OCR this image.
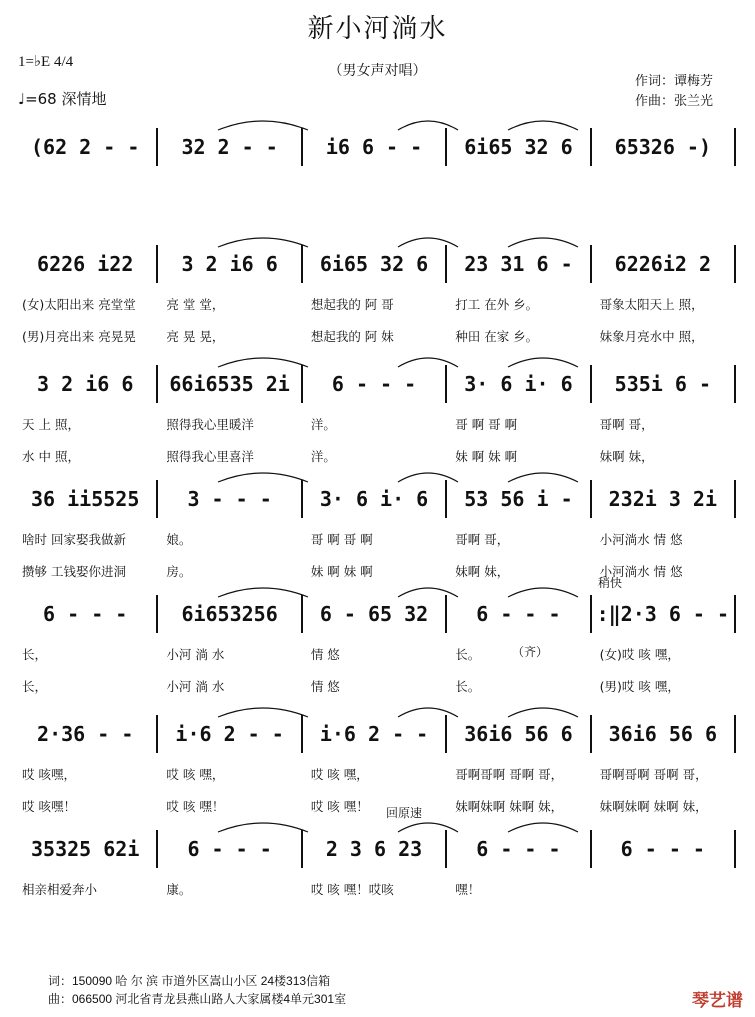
新小河淌水
（男女声对唱）
1=♭E 4/4
♩=68 深情地
作词：谭梅芳
作曲：张兰光
(62 2 - -	32 2 - -	i6 6 - -	6i65 32 6	65326 -)
6226 i22	3 2 i6 6	6i65 32 6	23 31 6 -	6226i2 2
(女)太阳出来 亮堂堂	亮 堂 堂，	想起我的 阿 哥	打工 在外 乡。	哥象太阳天上 照，
(男)月亮出来 亮晃晃	亮 晃 晃，	想起我的 阿 妹	种田 在家 乡。	妹象月亮水中 照，
3 2 i6 6	66i6535 2i	6 - - -	3· 6 i· 6	535i 6 -
天 上 照，	照得我心里暖洋	洋。	哥 啊 哥 啊	哥啊 哥，
水 中 照，	照得我心里喜洋	洋。	妹 啊 妹 啊	妹啊 妹，
36 ii5525	3 - - -	3· 6 i· 6	53 56 i -	232i 3 2i
啥时 回家娶我做新	娘。	哥 啊 哥 啊	哥啊 哥，	小河淌水 情 悠
攒够 工钱娶你进洞	房。	妹 啊 妹 啊	妹啊 妹，	小河淌水 情 悠
6 - - -	6i653256	6 - 65 32	6 - - -	:‖2·3 6 - -
长，	小河 淌 水	情 悠	长。	(女)哎 咳 嘿，
长，	小河 淌 水	情 悠	长。	(男)哎 咳 嘿，
2·36 - -	i·6 2 - -	i·6 2 - -	36i6 56 6	36i6 56 6
哎 咳嘿，	哎 咳 嘿，	哎 咳 嘿，	哥啊哥啊 哥啊 哥，	哥啊哥啊 哥啊 哥，
哎 咳嘿！	哎 咳 嘿！	哎 咳 嘿！	妹啊妹啊 妹啊 妹，	妹啊妹啊 妹啊 妹，
35325 62i	6 - - -	2 3 6 23	6 - - -	6 - - -
相亲相爱奔小	康。	哎 咳 嘿！哎咳	嘿！
稍快
（齐）
回原速
词：150090 哈 尔 滨 市道外区嵩山小区 24楼313信箱
曲：066500 河北省青龙县燕山路人大家属楼4单元301室	琴艺谱
